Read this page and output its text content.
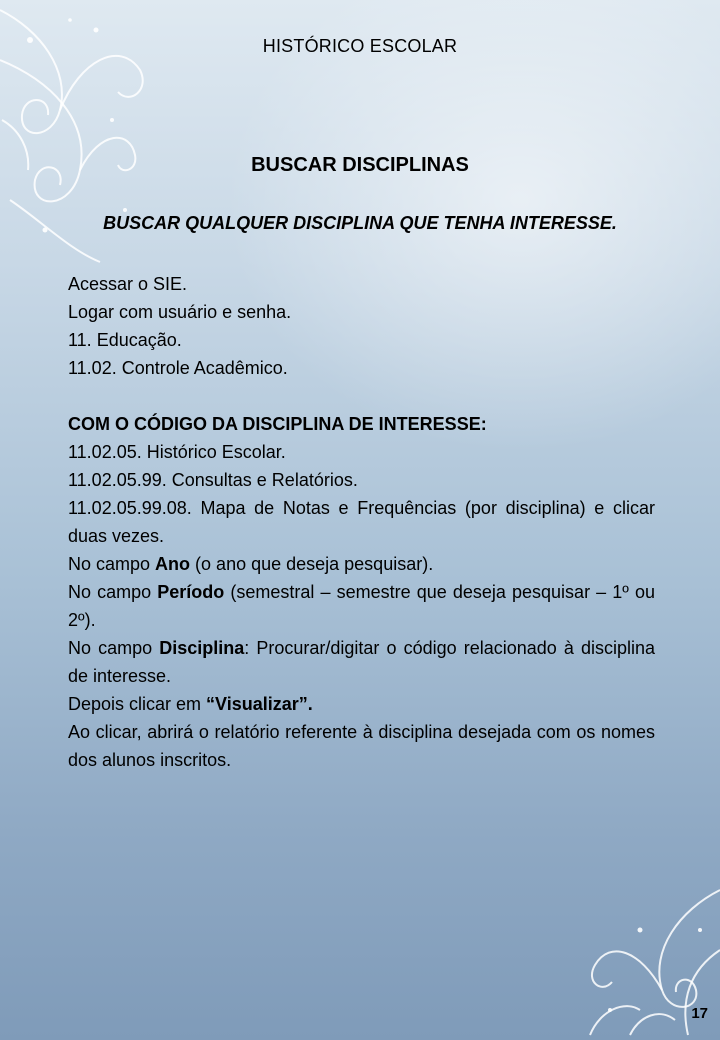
HISTÓRICO ESCOLAR
BUSCAR DISCIPLINAS
BUSCAR QUALQUER DISCIPLINA QUE TENHA INTERESSE.

Acessar o SIE.

Logar com usuário e senha.

11. Educação.

11.02. Controle Acadêmico.

COM O CÓDIGO DA DISCIPLINA DE INTERESSE:

11.02.05. Histórico Escolar.

11.02.05.99. Consultas e Relatórios.

11.02.05.99.08. Mapa de Notas e Frequências (por disciplina) e clicar duas vezes.

No campo Ano (o ano que deseja pesquisar).

No campo Período (semestral – semestre que deseja pesquisar – 1º ou 2º).

No campo Disciplina: Procurar/digitar o código relacionado à disciplina de interesse.

Depois clicar em “Visualizar”.

Ao clicar, abrirá o relatório referente à disciplina desejada com os nomes dos alunos inscritos.

17
